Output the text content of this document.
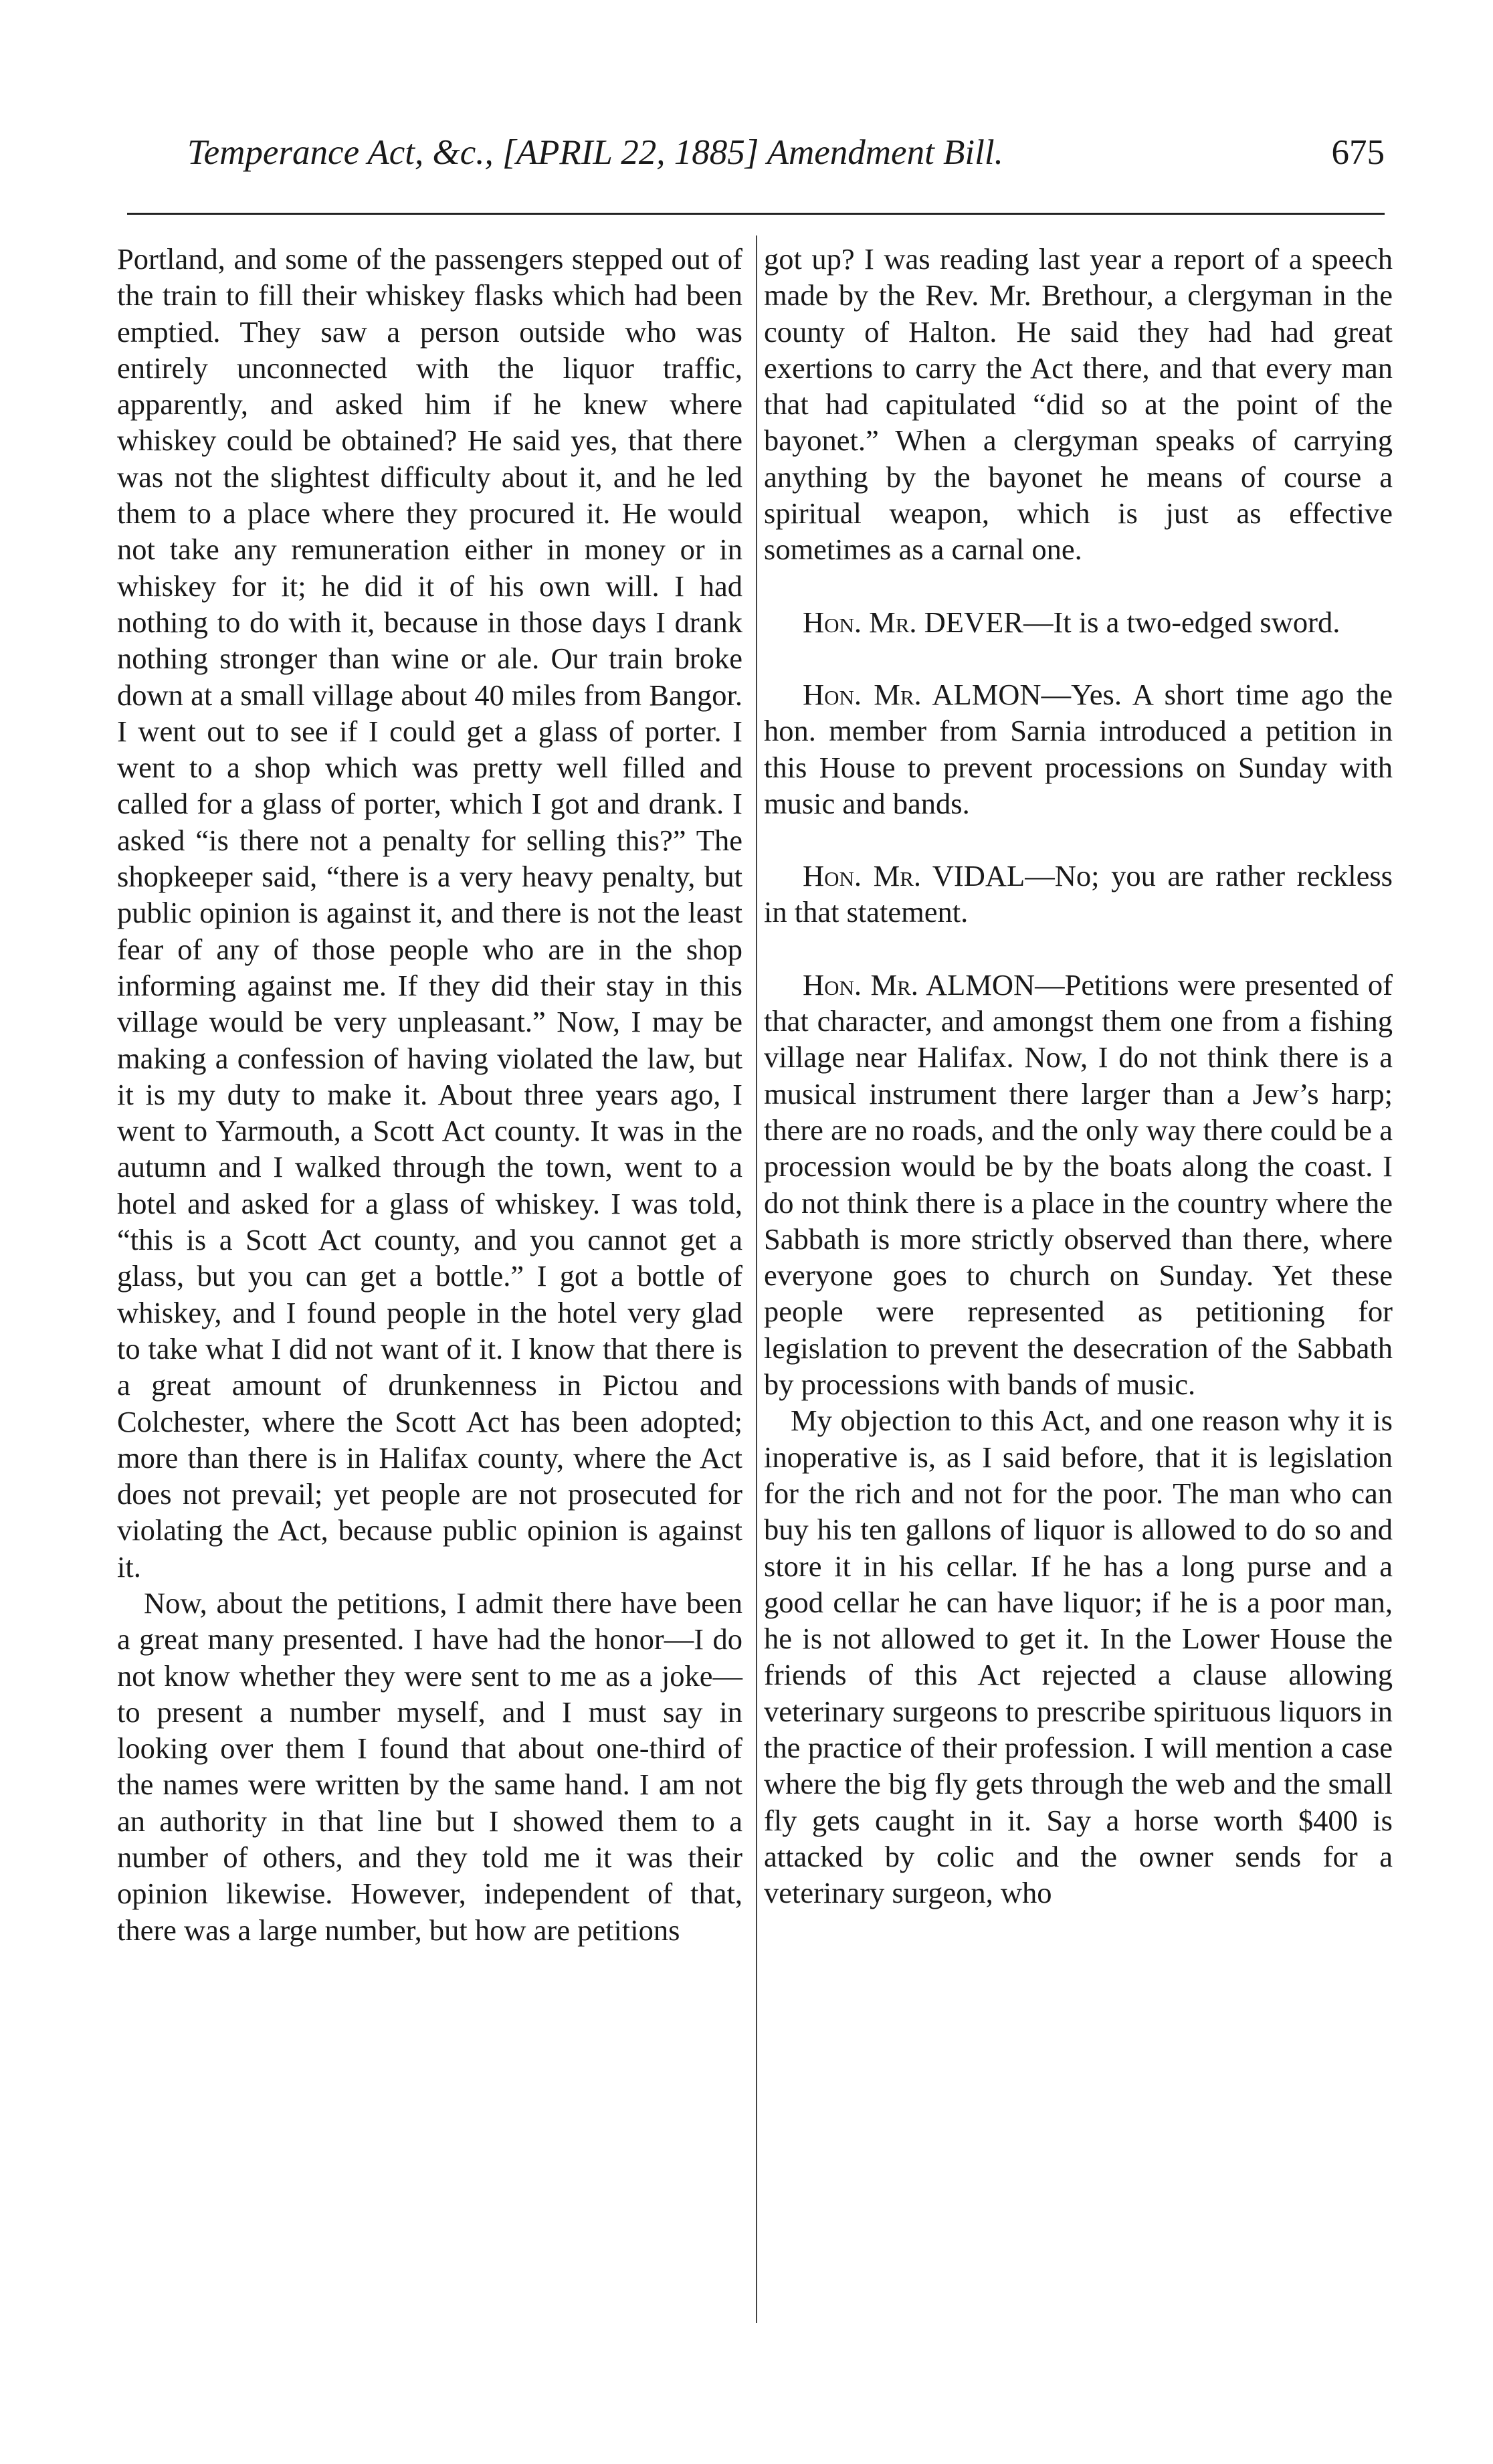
Temperance Act, &c., [APRIL 22, 1885] Amendment Bill.	675

Portland, and some of the passengers stepped out of the train to fill their whiskey flasks which had been emptied. They saw a person outside who was entirely unconnected with the liquor traffic, apparently, and asked him if he knew where whiskey could be obtained? He said yes, that there was not the slightest difficulty about it, and he led them to a place where they procured it. He would not take any remuneration either in money or in whiskey for it; he did it of his own will. I had nothing to do with it, because in those days I drank nothing stronger than wine or ale. Our train broke down at a small village about 40 miles from Bangor. I went out to see if I could get a glass of porter. I went to a shop which was pretty well filled and called for a glass of porter, which I got and drank. I asked “is there not a penalty for selling this?” The shopkeeper said, “there is a very heavy penalty, but public opinion is against it, and there is not the least fear of any of those people who are in the shop informing against me. If they did their stay in this village would be very unpleasant.” Now, I may be making a confession of having violated the law, but it is my duty to make it. About three years ago, I went to Yarmouth, a Scott Act county. It was in the autumn and I walked through the town, went to a hotel and asked for a glass of whiskey. I was told, “this is a Scott Act county, and you cannot get a glass, but you can get a bottle.” I got a bottle of whiskey, and I found people in the hotel very glad to take what I did not want of it. I know that there is a great amount of drunkenness in Pictou and Colchester, where the Scott Act has been adopted; more than there is in Halifax county, where the Act does not prevail; yet people are not prosecuted for violating the Act, because public opinion is against it.

Now, about the petitions, I admit there have been a great many presented. I have had the honor—I do not know whether they were sent to me as a joke—to present a number myself, and I must say in looking over them I found that about one-third of the names were written by the same hand. I am not an authority in that line but I showed them to a number of others, and they told me it was their opinion likewise. However, independent of that, there was a large number, but how are petitions

got up? I was reading last year a report of a speech made by the Rev. Mr. Brethour, a clergyman in the county of Halton. He said they had had great exertions to carry the Act there, and that every man that had capitulated “did so at the point of the bayonet.” When a clergyman speaks of carrying anything by the bayonet he means of course a spiritual weapon, which is just as effective sometimes as a carnal one.

Hon. Mr. DEVER—It is a two-edged sword.

Hon. Mr. ALMON—Yes. A short time ago the hon. member from Sarnia introduced a petition in this House to prevent processions on Sunday with music and bands.

Hon. Mr. VIDAL—No; you are rather reckless in that statement.

Hon. Mr. ALMON—Petitions were presented of that character, and amongst them one from a fishing village near Halifax. Now, I do not think there is a musical instrument there larger than a Jew’s harp; there are no roads, and the only way there could be a procession would be by the boats along the coast. I do not think there is a place in the country where the Sabbath is more strictly observed than there, where everyone goes to church on Sunday. Yet these people were represented as petitioning for legislation to prevent the desecration of the Sabbath by processions with bands of music.

My objection to this Act, and one reason why it is inoperative is, as I said before, that it is legislation for the rich and not for the poor. The man who can buy his ten gallons of liquor is allowed to do so and store it in his cellar. If he has a long purse and a good cellar he can have liquor; if he is a poor man, he is not allowed to get it. In the Lower House the friends of this Act rejected a clause allowing veterinary surgeons to prescribe spirituous liquors in the practice of their profession. I will mention a case where the big fly gets through the web and the small fly gets caught in it. Say a horse worth $400 is attacked by colic and the owner sends for a veterinary surgeon, who
